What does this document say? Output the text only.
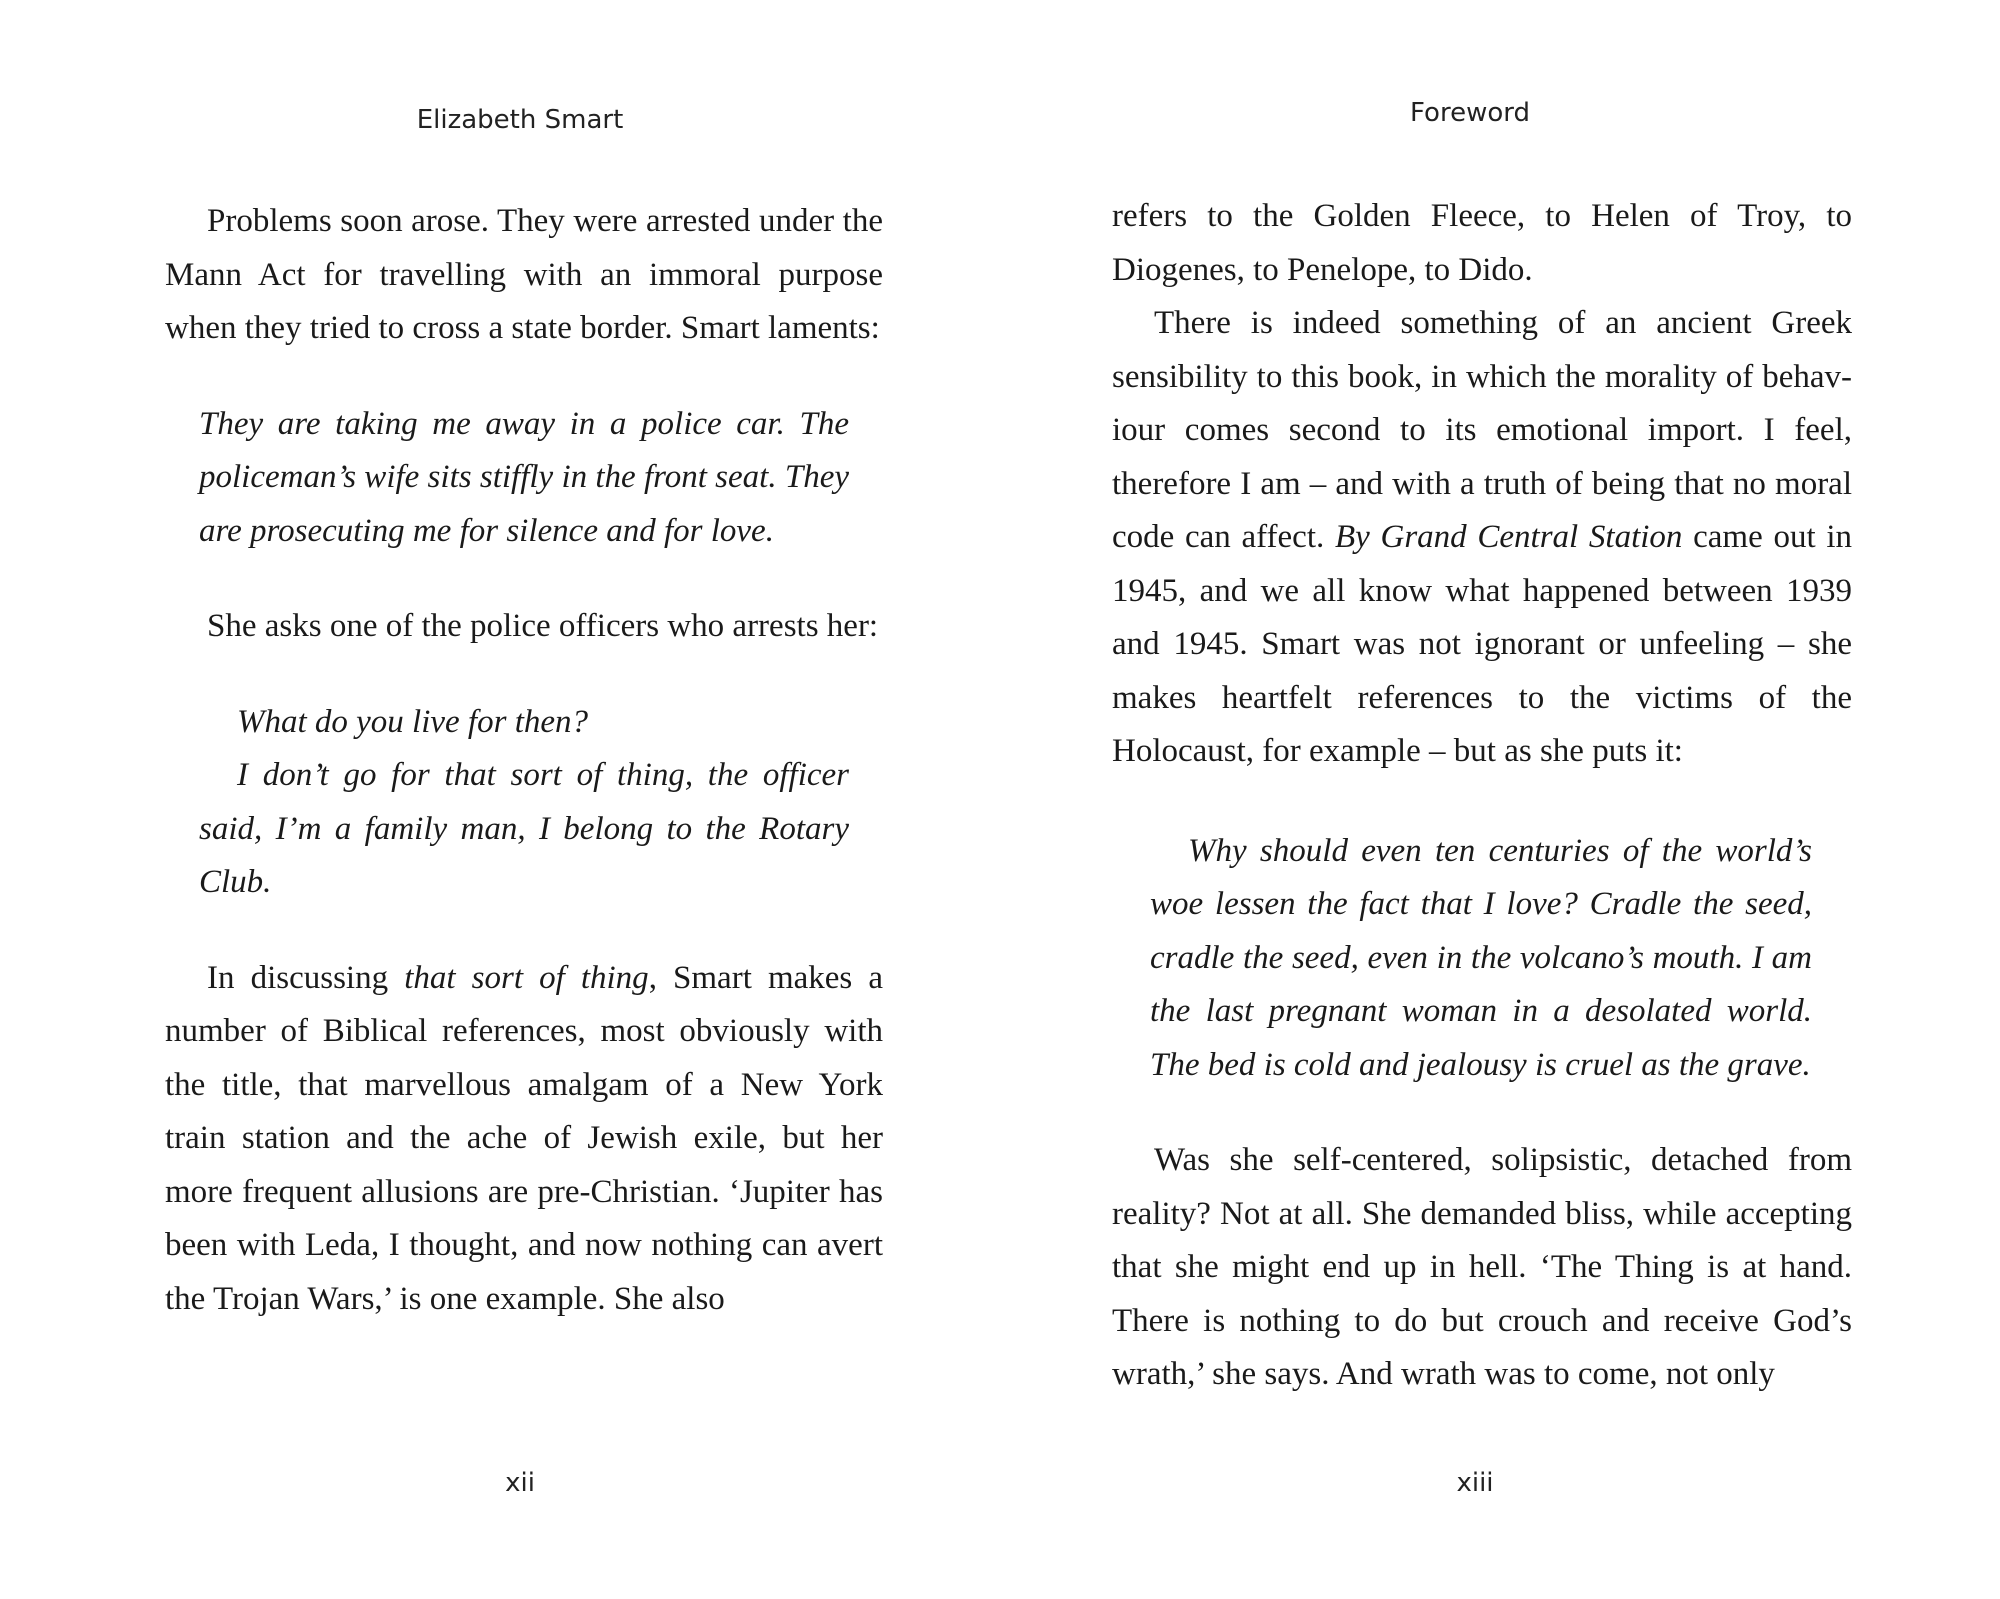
Elizabeth Smart

Problems soon arose. They were arrested under the Mann Act for travelling with an immoral purpose when they tried to cross a state border. Smart laments:

They are taking me away in a police car. The policeman’s wife sits stiffly in the front seat. They are prosecuting me for silence and for love.

She asks one of the police officers who arrests her:

What do you live for then?

I don’t go for that sort of thing, the officer said, I’m a family man, I belong to the Rotary Club.

In discussing that sort of thing, Smart makes a number of Biblical references, most obviously with the title, that marvellous amalgam of a New York train station and the ache of Jewish exile, but her more frequent allusions are pre-Christian. ‘Jupiter has been with Leda, I thought, and now nothing can avert the Trojan Wars,’ is one example. She also

xii
Foreword

refers to the Golden Fleece, to Helen of Troy, to Diogenes, to Penelope, to Dido.

There is indeed something of an ancient Greek sensibility to this book, in which the morality of behav-iour comes second to its emotional import. I feel, therefore I am – and with a truth of being that no moral code can affect. By Grand Central Station came out in 1945, and we all know what happened between 1939 and 1945. Smart was not ignorant or unfeeling – she makes heartfelt references to the victims of the Holocaust, for example – but as she puts it:

Why should even ten centuries of the world’s woe lessen the fact that I love? Cradle the seed, cradle the seed, even in the volcano’s mouth. I am the last pregnant woman in a desolated world. The bed is cold and jealousy is cruel as the grave.

Was she self-centered, solipsistic, detached from reality? Not at all. She demanded bliss, while accepting that she might end up in hell. ‘The Thing is at hand. There is nothing to do but crouch and receive God’s wrath,’ she says. And wrath was to come, not only

xiii
